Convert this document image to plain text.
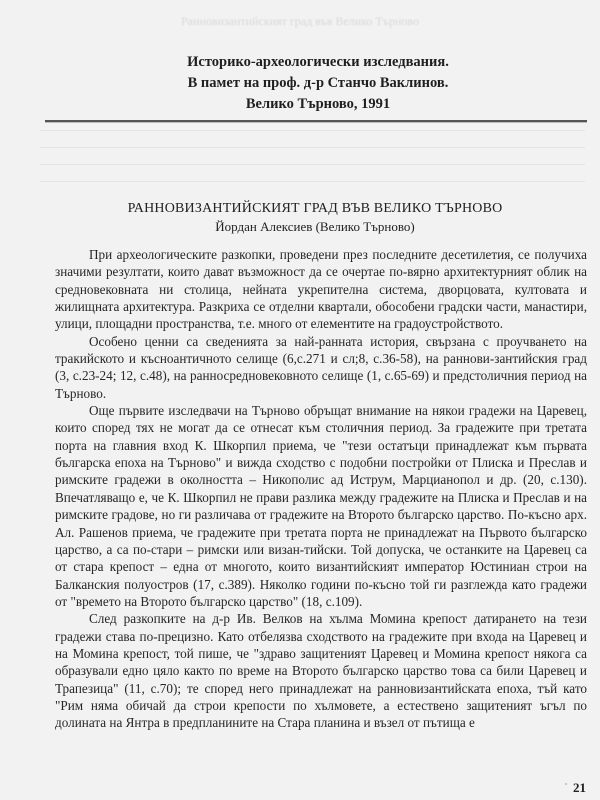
Ранновизантийският град във Велико Търново
Историко-археологически изследвания.
В памет на проф. д-р Станчо Ваклинов.
Велико Търново, 1991
РАННОВИЗАНТИЙСКИЯТ ГРАД ВЪВ ВЕЛИКО ТЪРНОВО
Йордан Алексиев (Велико Търново)

При археологическите разкопки, проведени през последните десетилетия, се получиха значими резултати, които дават възможност да се очертае по-вярно архитектурният облик на средновековната ни столица, нейната укрепителна система, дворцовата, култовата и жилищната архитектура. Разкриха се отделни квартали, обособени градски части, манастири, улици, площадни пространства, т.е. много от елементите на градоустройството.

Особено ценни са сведенията за най-ранната история, свързана с проучването на тракийското и късноантичното селище (6,с.271 и сл;8, с.36-58), на раннови-зантийския град (3, с.23-24; 12, с.48), на ранносредновековното селище (1, с.65-69) и предстоличния период на Търново.

Още първите изследвачи на Търново обръщат внимание на някои градежи на Царевец, които според тях не могат да се отнесат към столичния период. За градежите при третата порта на главния вход К. Шкорпил приема, че "тези остатъци принадлежат към първата българска епоха на Търново" и вижда сходство с подобни постройки от Плиска и Преслав и римските градежи в околността – Никополис ад Иструм, Марцианопол и др. (20, с.130). Впечатляващо е, че К. Шкорпил не прави разлика между градежите на Плиска и Преслав и на римските градове, но ги различава от градежите на Второто българско царство. По-късно арх. Ал. Рашенов приема, че градежите при третата порта не принадлежат на Първото българско царство, а са по-стари – римски или визан-тийски. Той допуска, че останките на Царевец са от стара крепост – една от многото, които византийският император Юстиниан строи на Балканския полуостров (17, с.389). Няколко години по-късно той ги разглежда като градежи от "времето на Второто българско царство" (18, с.109).

След разкопките на д-р Ив. Велков на хълма Момина крепост датирането на тези градежи става по-прецизно. Като отбелязва сходството на градежите при входа на Царевец и на Момина крепост, той пише, че "здраво защитеният Царевец и Момина крепост някога са образували едно цяло както по време на Второто българско царство това са били Царевец и Трапезица" (11, с.70); те според него принадлежат на ранновизантийската епоха, тъй като "Рим няма обичай да строи крепости по хълмовете, а естествено защитеният ъгъл по долината на Янтра в предпланините на Стара планина и възел от пътища е

21
